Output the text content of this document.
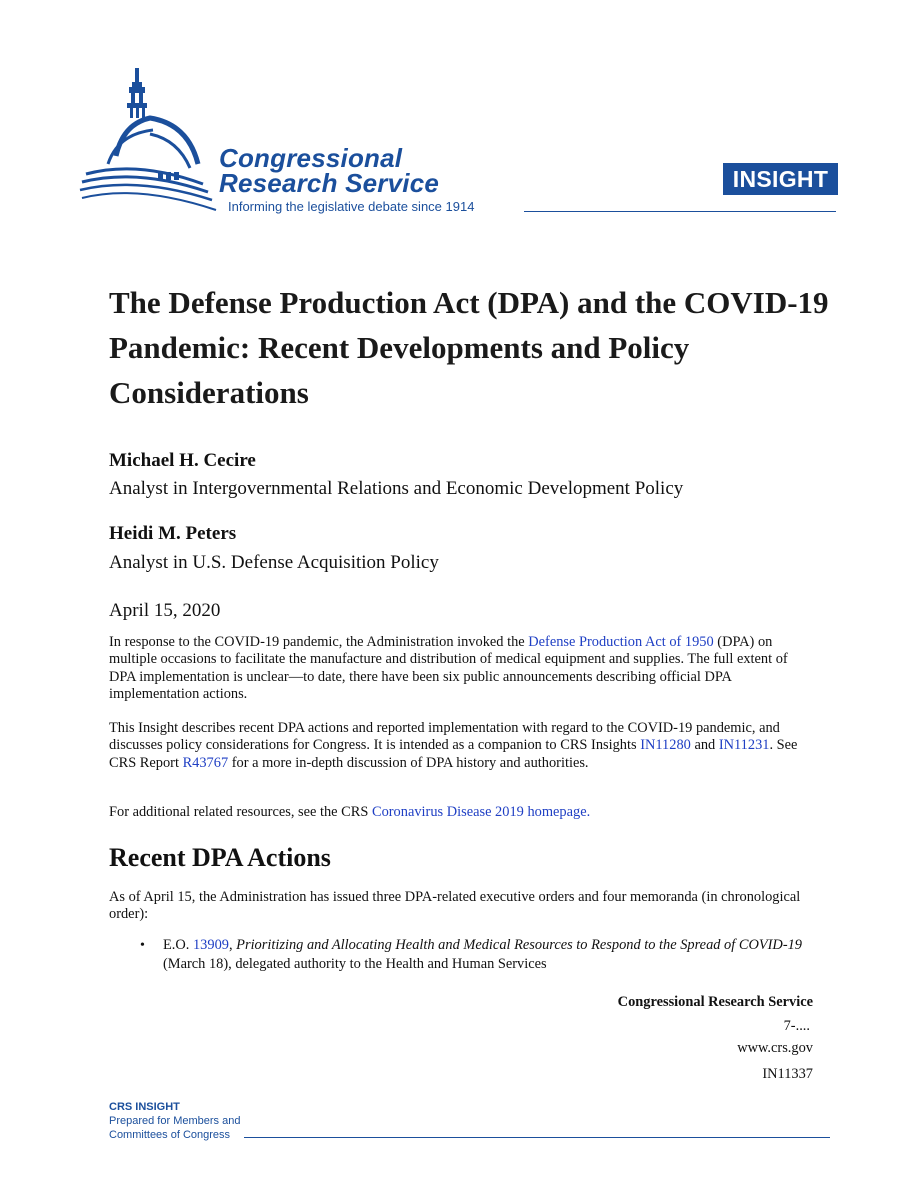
Congressional
Research Service
Informing the legislative debate since 1914
INSIGHT
The Defense Production Act (DPA) and the COVID-19 Pandemic: Recent Developments and Policy Considerations
Michael H. Cecire
Analyst in Intergovernmental Relations and Economic Development Policy
Heidi M. Peters
Analyst in U.S. Defense Acquisition Policy
April 15, 2020

In response to the COVID-19 pandemic, the Administration invoked the Defense Production Act of 1950 (DPA) on multiple occasions to facilitate the manufacture and distribution of medical equipment and supplies. The full extent of DPA implementation is unclear—to date, there have been six public announcements describing official DPA implementation actions.

This Insight describes recent DPA actions and reported implementation with regard to the COVID-19 pandemic, and discusses policy considerations for Congress. It is intended as a companion to CRS Insights IN11280 and IN11231. See CRS Report R43767 for a more in-depth discussion of DPA history and authorities.

For additional related resources, see the CRS Coronavirus Disease 2019 homepage.

Recent DPA Actions

As of April 15, the Administration has issued three DPA-related executive orders and four memoranda (in chronological order):

• E.O. 13909, Prioritizing and Allocating Health and Medical Resources to Respond to the Spread of COVID-19 (March 18), delegated authority to the Health and Human Services
Congressional Research Service
7-....
www.crs.gov
IN11337
CRS INSIGHT
Prepared for Members and
Committees of Congress
